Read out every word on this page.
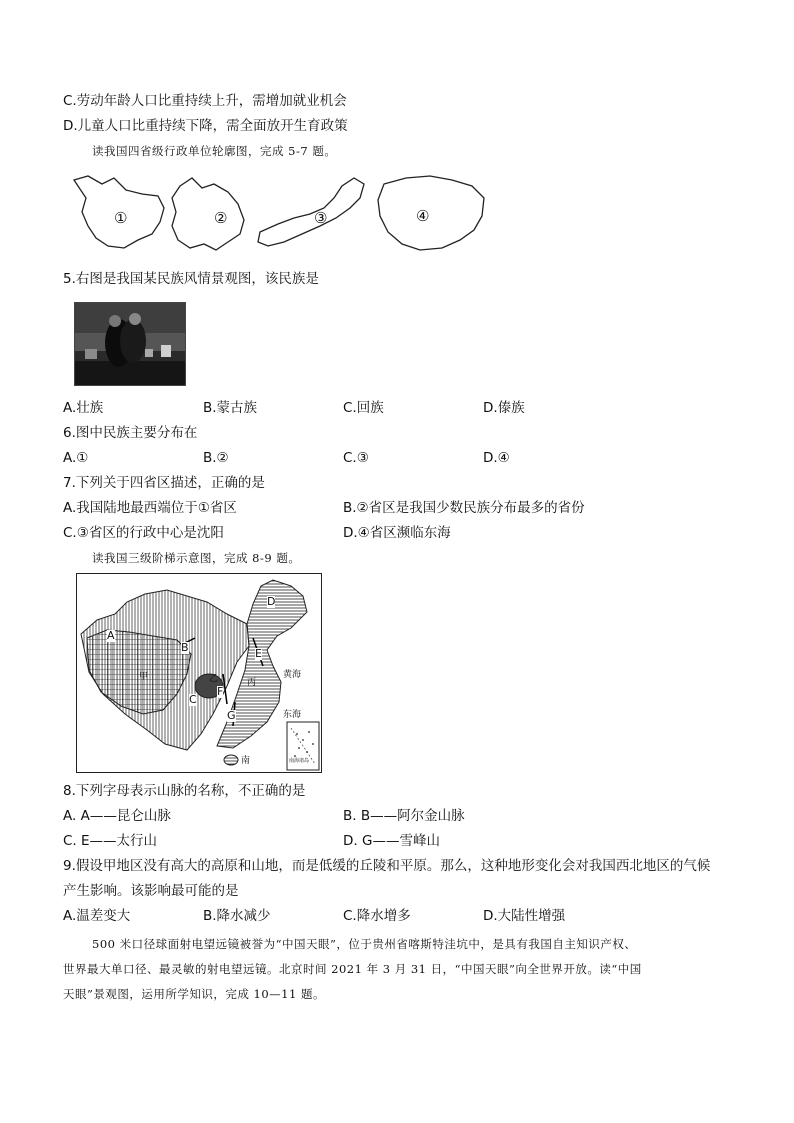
C.劳动年龄人口比重持续上升，需增加就业机会
D.儿童人口比重持续下降，需全面放开生育政策
读我国四省级行政单位轮廓图，完成 5-7 题。
①	②	③	④
5.右图是我国某民族风情景观图，该民族是
A.壮族	B.蒙古族	C.回族	D.傣族
6.图中民族主要分布在
A.①	B.②	C.③	D.④
7.下列关于四省区描述，正确的是
A.我国陆地最西端位于①省区	B.②省区是我国少数民族分布最多的省份
C.③省区的行政中心是沈阳	D.④省区濒临东海
读我国三级阶梯示意图，完成 8-9 题。
A
B
C
D
E
F
G
甲	乙	丙
黄海
东海
南	南海诸岛
8.下列字母表示山脉的名称，不正确的是
A. A——昆仑山脉	B. B——阿尔金山脉
C. E——太行山	D. G——雪峰山
9.假设甲地区没有高大的高原和山地，而是低缓的丘陵和平原。那么，这种地形变化会对我国西北地区的气候
产生影响。该影响最可能的是
A.温差变大	B.降水减少	C.降水增多	D.大陆性增强
500 米口径球面射电望远镜被誉为“中国天眼”，位于贵州省喀斯特洼坑中，是具有我国自主知识产权、
世界最大单口径、最灵敏的射电望远镜。北京时间 2021 年 3 月 31 日，“中国天眼”向全世界开放。读“中国
天眼”景观图，运用所学知识，完成 10—11 题。
